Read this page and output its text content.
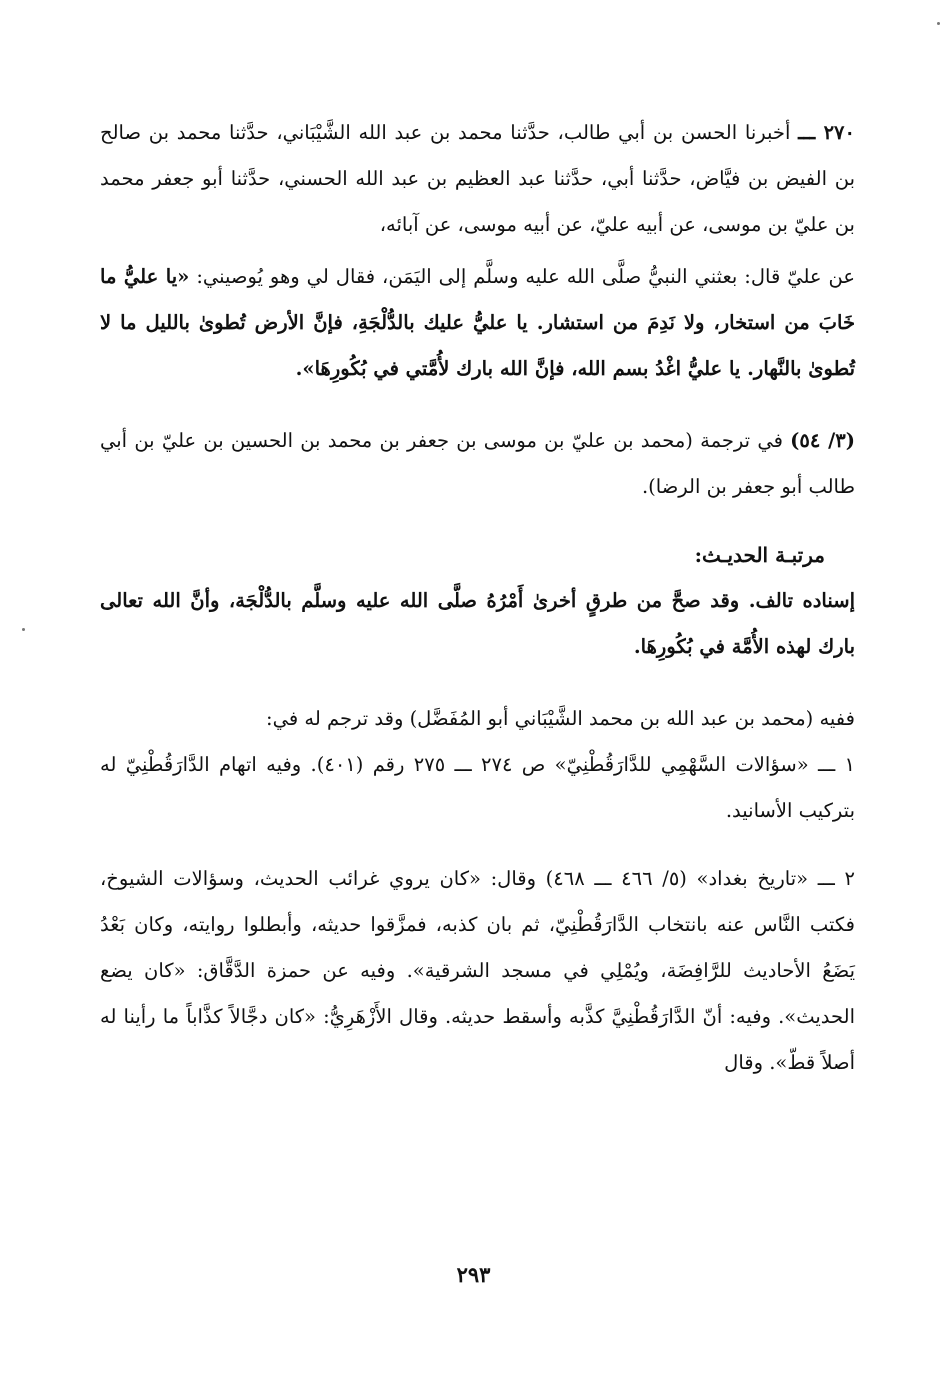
٢٧٠ ـــ أخبرنا الحسن بن أبي طالب، حدَّثنا محمد بن عبد الله الشَّيْبَاني، حدَّثنا محمد بن صالح بن الفيض بن فيَّاض، حدَّثنا أبي، حدَّثنا عبد العظيم بن عبد الله الحسني، حدَّثنا أبو جعفر محمد بن عليّ بن موسى، عن أبيه عليّ، عن أبيه موسى، عن آبائه،

عن عليّ قال: بعثني النبيُّ صلَّى الله عليه وسلَّم إلى اليَمَن، فقال لي وهو يُوصيني: «يا عليُّ ما خَابَ من استخار، ولا نَدِمَ من استشار. يا عليُّ عليك بالدُّلْجَةِ، فإنَّ الأرض تُطوىٰ بالليل ما لا تُطوىٰ بالنَّهار. يا عليُّ اغْدُ بسم الله، فإنَّ الله بارك لأُمَّتي في بُكُورِهَا».

(٣/ ٥٤) في ترجمة (محمد بن عليّ بن موسى بن جعفر بن محمد بن الحسين بن عليّ بن أبي طالب أبو جعفر بن الرضا).

مرتبـة الحديـث:

إسناده تالف. وقد صحَّ من طرقٍ أخرىٰ أَمْرُهُ صلَّى الله عليه وسلَّم بالدُّلْجَة، وأنَّ الله تعالى بارك لهذه الأُمَّة في بُكُورِهَا.

ففيه (محمد بن عبد الله بن محمد الشَّيْبَاني أبو المُفَضَّل) وقد ترجم له في:

١ ـــ «سؤالات السَّهْمِي للدَّارَقُطْنِيّ» ص ٢٧٤ ـــ ٢٧٥ رقم (٤٠١). وفيه اتهام الدَّارَقُطْنِيّ له بتركيب الأسانيد.

٢ ـــ «تاريخ بغداد» (٥/ ٤٦٦ ـــ ٤٦٨) وقال: «كان يروي غرائب الحديث، وسؤالات الشيوخ، فكتب النَّاس عنه بانتخاب الدَّارَقُطْنِيّ، ثم بان كذبه، فمزَّقوا حديثه، وأبطلوا روايته، وكان بَعْدُ يَضَعُ الأحاديث للرَّافِضَة، ويُمْلِي في مسجد الشرقية». وفيه عن حمزة الدَّقَّاق: «كان يضع الحديث». وفيه: أنّ الدَّارَقُطْنِيَّ كذَّبه وأسقط حديثه. وقال الأَزْهَرِيُّ: «كان دجَّالاً كذَّاباً ما رأينا له أصلاً قطّ». وقال

٢٩٣
